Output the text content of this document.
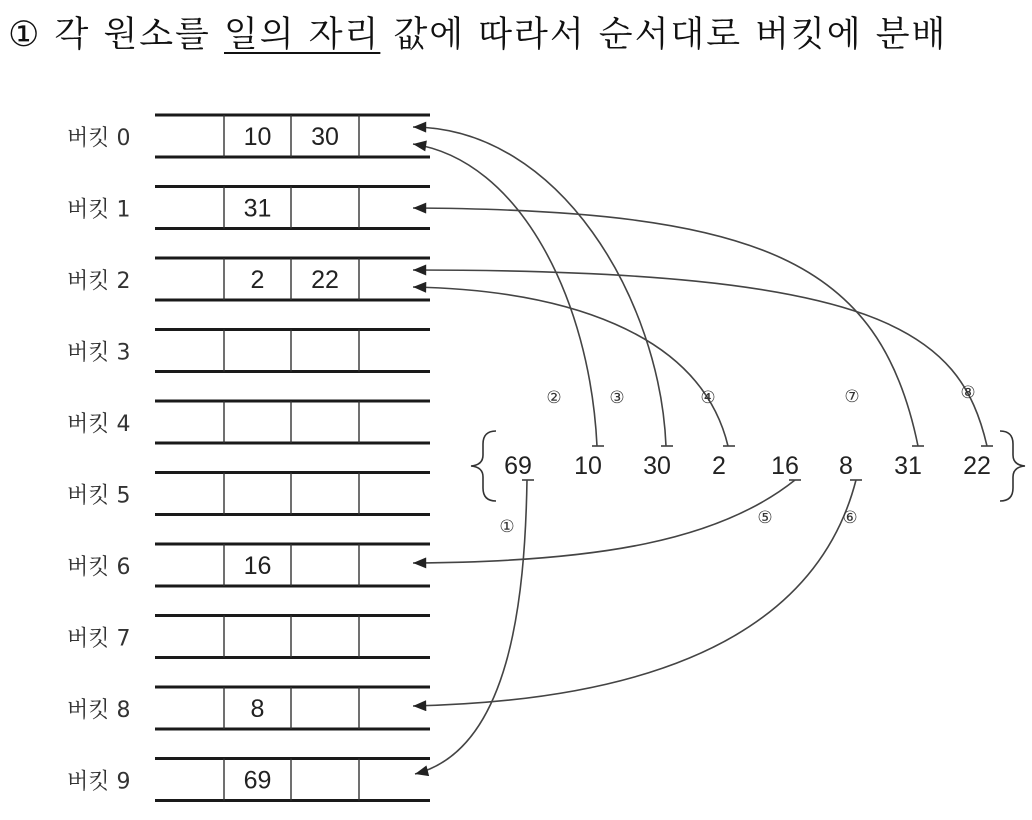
① 각 원소를 일의 자리 값에 따라서 순서대로 버킷에 분배
버킷 0	10 30
버킷 1	31
버킷 2	2 22
버킷 3
버킷 4
버킷 5
버킷 6	16
버킷 7
버킷 8	8
버킷 9	69
69 10 30 2 16 8 31 22
①
②	③	④
⑤	⑥
⑦	⑧
